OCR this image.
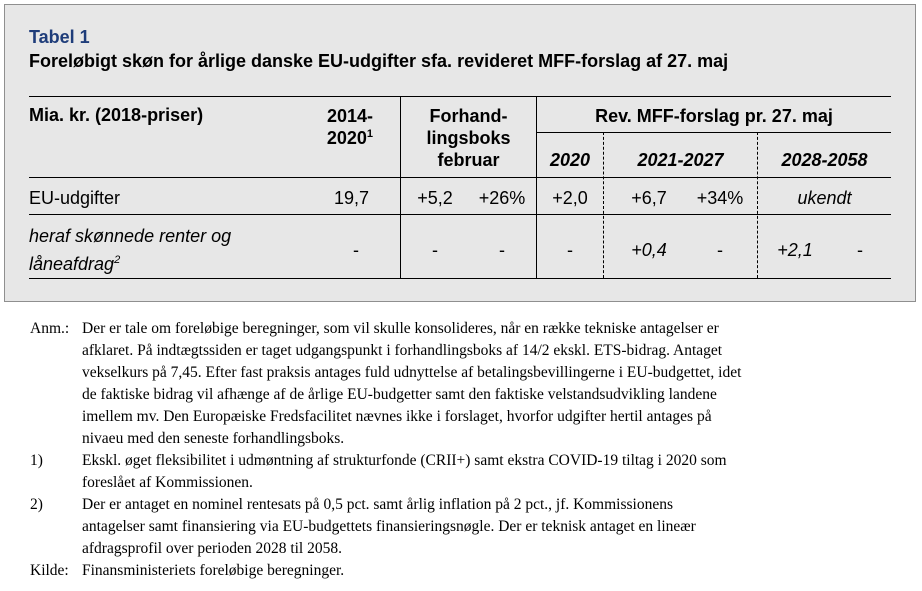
Tabel 1
Foreløbigt skøn for årlige danske EU-udgifter sfa. revideret MFF-forslag af 27. maj
Mia. kr. (2018-priser)	2014-
2020$^1$
Forhand-
lingsboks
februar
Rev. MFF-forslag pr. 27. maj
2020	2021-2027	2028-2058
EU-udgifter	19,7	+5,2	+26%	+2,0	+6,7	+34%	ukendt
heraf skønnede renter og
låneafdrag$^2$	-	-	-	-	+0,4	-	+2,1	-
Anm.: Der er tale om foreløbige beregninger, som vil skulle konsolideres, når en række tekniske antagelser er
afklaret. På indtægtssiden er taget udgangspunkt i forhandlingsboks af 14/2 ekskl. ETS-bidrag. Antaget
vekselkurs på 7,45. Efter fast praksis antages fuld udnyttelse af betalingsbevillingerne i EU-budgettet, idet
de faktiske bidrag vil afhænge af de årlige EU-budgetter samt den faktiske velstandsudvikling landene
imellem mv. Den Europæiske Fredsfacilitet nævnes ikke i forslaget, hvorfor udgifter hertil antages på
nivaeu med den seneste forhandlingsboks.
1)	Ekskl. øget fleksibilitet i udmøntning af strukturfonde (CRII+) samt ekstra COVID-19 tiltag i 2020 som
foreslået af Kommissionen.
2)	Der er antaget en nominel rentesats på 0,5 pct. samt årlig inflation på 2 pct., jf. Kommissionens
antagelser samt finansiering via EU-budgettets finansieringsnøgle. Der er teknisk antaget en lineær
afdragsprofil over perioden 2028 til 2058.
Kilde: Finansministeriets foreløbige beregninger.
